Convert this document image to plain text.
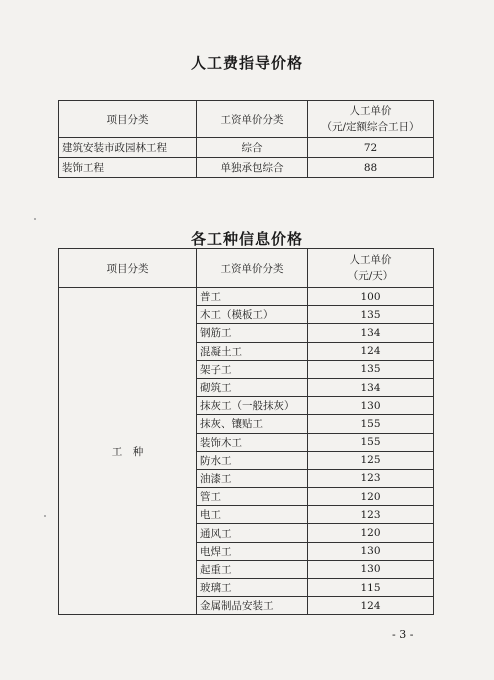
人工费指导价格
项目分类	工资单价分类	人工单价
（元/定额综合工日）

建筑安装市政园林工程	综合	72
装饰工程	单独承包综合	88
各工种信息价格
项目分类	工资单价分类	人工单价
（元/天）

工　种	普工	100
	木工（模板工）	135
	钢筋工	134
	混凝土工	124
	架子工	135
	砌筑工	134
	抹灰工（一般抹灰）	130
	抹灰、镶贴工	155
	装饰木工	155
	防水工	125
	油漆工	123
	管工	120
	电工	123
	通风工	120
	电焊工	130
	起重工	130
	玻璃工	115
	金属制品安装工	124
- 3 -
